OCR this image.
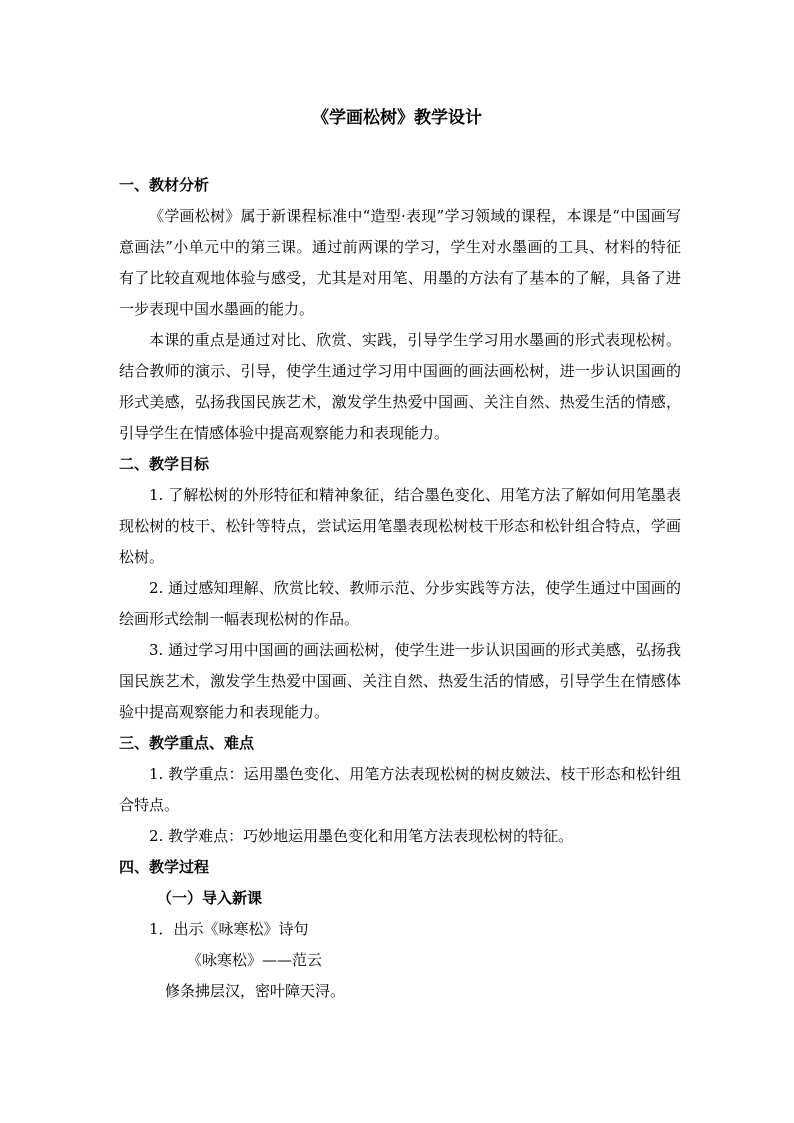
《学画松树》教学设计
一、教材分析

《学画松树》属于新课程标准中“造型·表现”学习领域的课程，本课是“中国画写意画法”小单元中的第三课。通过前两课的学习，学生对水墨画的工具、材料的特征有了比较直观地体验与感受，尤其是对用笔、用墨的方法有了基本的了解，具备了进一步表现中国水墨画的能力。

本课的重点是通过对比、欣赏、实践，引导学生学习用水墨画的形式表现松树。结合教师的演示、引导，使学生通过学习用中国画的画法画松树，进一步认识国画的形式美感，弘扬我国民族艺术，激发学生热爱中国画、关注自然、热爱生活的情感，引导学生在情感体验中提高观察能力和表现能力。

二、教学目标

1. 了解松树的外形特征和精神象征，结合墨色变化、用笔方法了解如何用笔墨表现松树的枝干、松针等特点，尝试运用笔墨表现松树枝干形态和松针组合特点，学画松树。

2. 通过感知理解、欣赏比较、教师示范、分步实践等方法，使学生通过中国画的绘画形式绘制一幅表现松树的作品。

3. 通过学习用中国画的画法画松树，使学生进一步认识国画的形式美感，弘扬我国民族艺术，激发学生热爱中国画、关注自然、热爱生活的情感，引导学生在情感体验中提高观察能力和表现能力。

三、教学重点、难点

1. 教学重点：运用墨色变化、用笔方法表现松树的树皮皴法、枝干形态和松针组合特点。

2. 教学难点：巧妙地运用墨色变化和用笔方法表现松树的特征。

四、教学过程
（一）导入新课

1．出示《咏寒松》诗句

《咏寒松》——范云

修条拂层汉，密叶障天浔。
